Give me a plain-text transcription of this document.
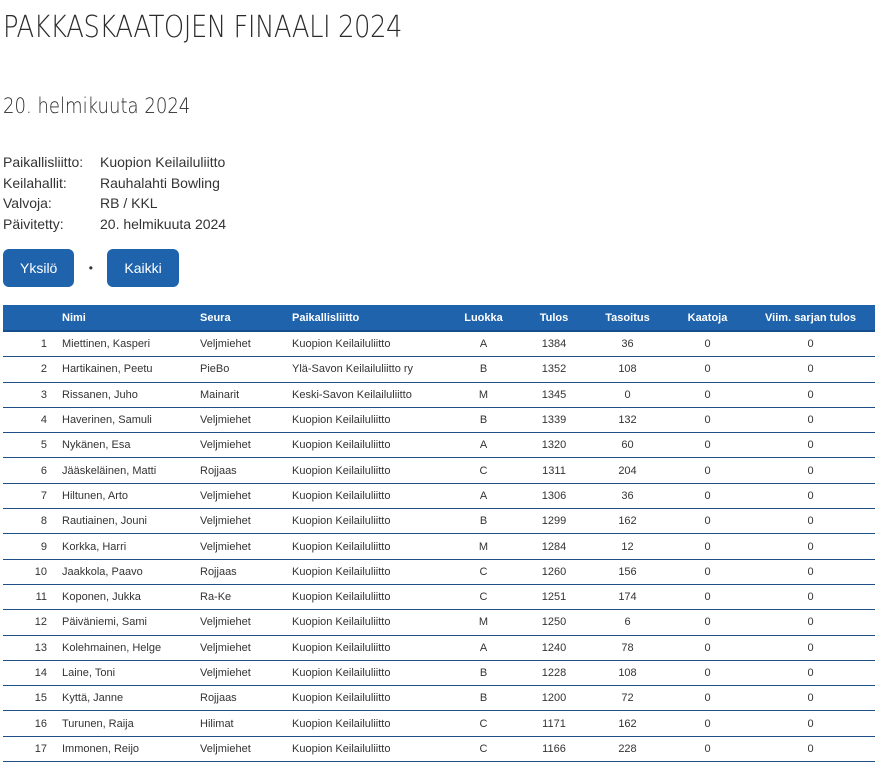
PAKKASKAATOJEN FINAALI 2024
20. helmikuuta 2024
Paikallisliitto:	Kuopion Keilailuliitto
Keilahallit:	Rauhalahti Bowling
Valvoja:	RB / KKL
Päivitetty:	20. helmikuuta 2024
Yksilö	•	Kaikki
	Nimi	Seura	Paikallisliitto	Luokka	Tulos	Tasoitus	Kaatoja	Viim. sarjan tulos
1	Miettinen, Kasperi	Veljmiehet	Kuopion Keilailuliitto	A	1384	36	0	0
2	Hartikainen, Peetu	PieBo	Ylä-Savon Keilailuliitto ry	B	1352	108	0	0
3	Rissanen, Juho	Mainarit	Keski-Savon Keilailuliitto	M	1345	0	0	0
4	Haverinen, Samuli	Veljmiehet	Kuopion Keilailuliitto	B	1339	132	0	0
5	Nykänen, Esa	Veljmiehet	Kuopion Keilailuliitto	A	1320	60	0	0
6	Jääskeläinen, Matti	Rojjaas	Kuopion Keilailuliitto	C	1311	204	0	0
7	Hiltunen, Arto	Veljmiehet	Kuopion Keilailuliitto	A	1306	36	0	0
8	Rautiainen, Jouni	Veljmiehet	Kuopion Keilailuliitto	B	1299	162	0	0
9	Korkka, Harri	Veljmiehet	Kuopion Keilailuliitto	M	1284	12	0	0
10	Jaakkola, Paavo	Rojjaas	Kuopion Keilailuliitto	C	1260	156	0	0
11	Koponen, Jukka	Ra-Ke	Kuopion Keilailuliitto	C	1251	174	0	0
12	Päiväniemi, Sami	Veljmiehet	Kuopion Keilailuliitto	M	1250	6	0	0
13	Kolehmainen, Helge	Veljmiehet	Kuopion Keilailuliitto	A	1240	78	0	0
14	Laine, Toni	Veljmiehet	Kuopion Keilailuliitto	B	1228	108	0	0
15	Kyttä, Janne	Rojjaas	Kuopion Keilailuliitto	B	1200	72	0	0
16	Turunen, Raija	Hilimat	Kuopion Keilailuliitto	C	1171	162	0	0
17	Immonen, Reijo	Veljmiehet	Kuopion Keilailuliitto	C	1166	228	0	0
